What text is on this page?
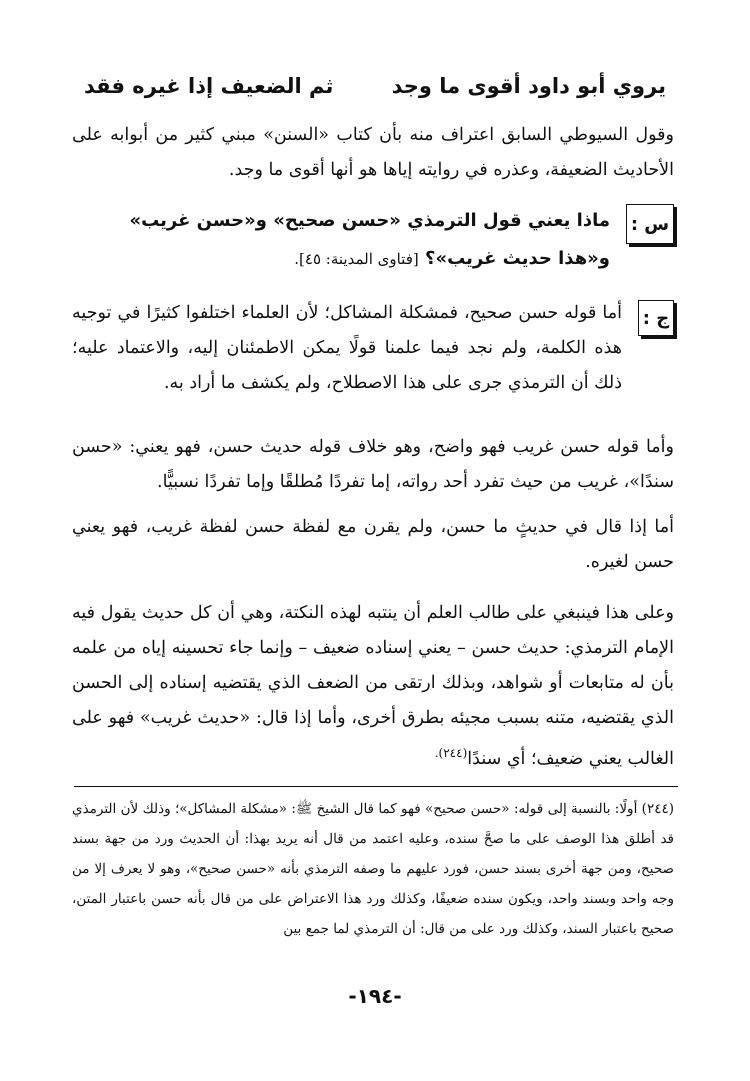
يروي أبو داود أقوى ما وجد
ثم الضعيف إذا غيره فقد

وقول السيوطي السابق اعتراف منه بأن كتاب «السنن» مبني كثير من أبوابه على الأحاديث الضعيفة، وعذره في روايته إياها هو أنها أقوى ما وجد.

س :
ماذا يعني قول الترمذي «حسن صحيح» و«حسن غريب» و«هذا حديث غريب»؟ [فتاوى المدينة: ٤٥].
ج :

أما قوله حسن صحيح، فمشكلة المشاكل؛ لأن العلماء اختلفوا كثيرًا في توجيه هذه الكلمة، ولم نجد فيما علمنا قولًا يمكن الاطمئنان إليه، والاعتماد عليه؛ ذلك أن الترمذي جرى على هذا الاصطلاح، ولم يكشف ما أراد به.

وأما قوله حسن غريب فهو واضح، وهو خلاف قوله حديث حسن، فهو يعني: «حسن سندًا»، غريب من حيث تفرد أحد رواته، إما تفردًا مُطلقًا وإما تفردًا نسبيًّا.

أما إذا قال في حديثٍ ما حسن، ولم يقرن مع لفظة حسن لفظة غريب، فهو يعني حسن لغيره.

وعلى هذا فينبغي على طالب العلم أن ينتبه لهذه النكتة، وهي أن كل حديث يقول فيه الإمام الترمذي: حديث حسن – يعني إسناده ضعيف – وإنما جاء تحسينه إياه من علمه بأن له متابعات أو شواهد، وبذلك ارتقى من الضعف الذي يقتضيه إسناده إلى الحسن الذي يقتضيه، متنه بسبب مجيئه بطرق أخرى، وأما إذا قال: «حديث غريب» فهو على الغالب يعني ضعيف؛ أي سندًا$^{(٢٤٤).}$

(٢٤٤) أولًا: بالنسبة إلى قوله: «حسن صحيح» فهو كما قال الشيخ ﷺ: «مشكلة المشاكل»؛ وذلك لأن الترمذي قد أطلق هذا الوصف على ما صحَّ سنده، وعليه اعتمد من قال أنه يريد بهذا: أن الحديث ورد من جهة بسند صحيح، ومن جهة أخرى بسند حسن، فورد عليهم ما وصفه الترمذي بأنه «حسن صحيح»، وهو لا يعرف إلا من وجه واحد وبسند واحد، ويكون سنده ضعيفًا، وكذلك ورد هذا الاعتراض على من قال بأنه حسن باعتبار المتن، صحيح باعتبار السند، وكذلك ورد على من قال: أن الترمذي لما جمع بين

-١٩٤-
